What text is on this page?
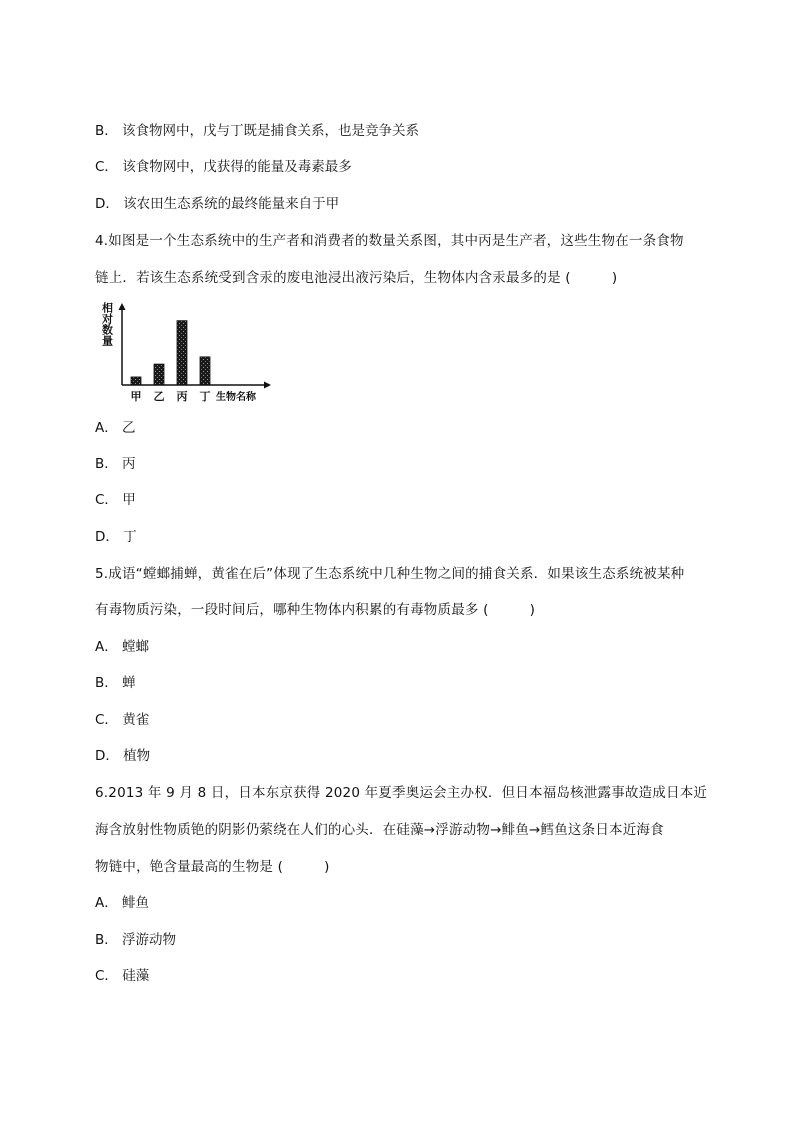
B． 该食物网中，戊与丁既是捕食关系，也是竞争关系
C． 该食物网中，戊获得的能量及毒素最多
D． 该农田生态系统的最终能量来自于甲
4.如图是一个生态系统中的生产者和消费者的数量关系图，其中丙是生产者，这些生物在一条食物
链上．若该生态系统受到含汞的废电池浸出液污染后，生物体内含汞最多的是 (　　　)
相对数量
甲 乙 丙 丁 生物名称
A． 乙
B． 丙
C． 甲
D． 丁
5.成语“螳螂捕蝉，黄雀在后”体现了生态系统中几种生物之间的捕食关系．如果该生态系统被某种
有毒物质污染，一段时间后，哪种生物体内积累的有毒物质最多 (　　　)
A． 螳螂
B． 蝉
C． 黄雀
D． 植物
6.2013 年 9 月 8 日，日本东京获得 2020 年夏季奥运会主办权．但日本福岛核泄露事故造成日本近
海含放射性物质铯的阴影仍萦绕在人们的心头．在硅藻→浮游动物→鲱鱼→鳕鱼这条日本近海食
物链中，铯含量最高的生物是 (　　　)
A． 鲱鱼
B． 浮游动物
C． 硅藻
